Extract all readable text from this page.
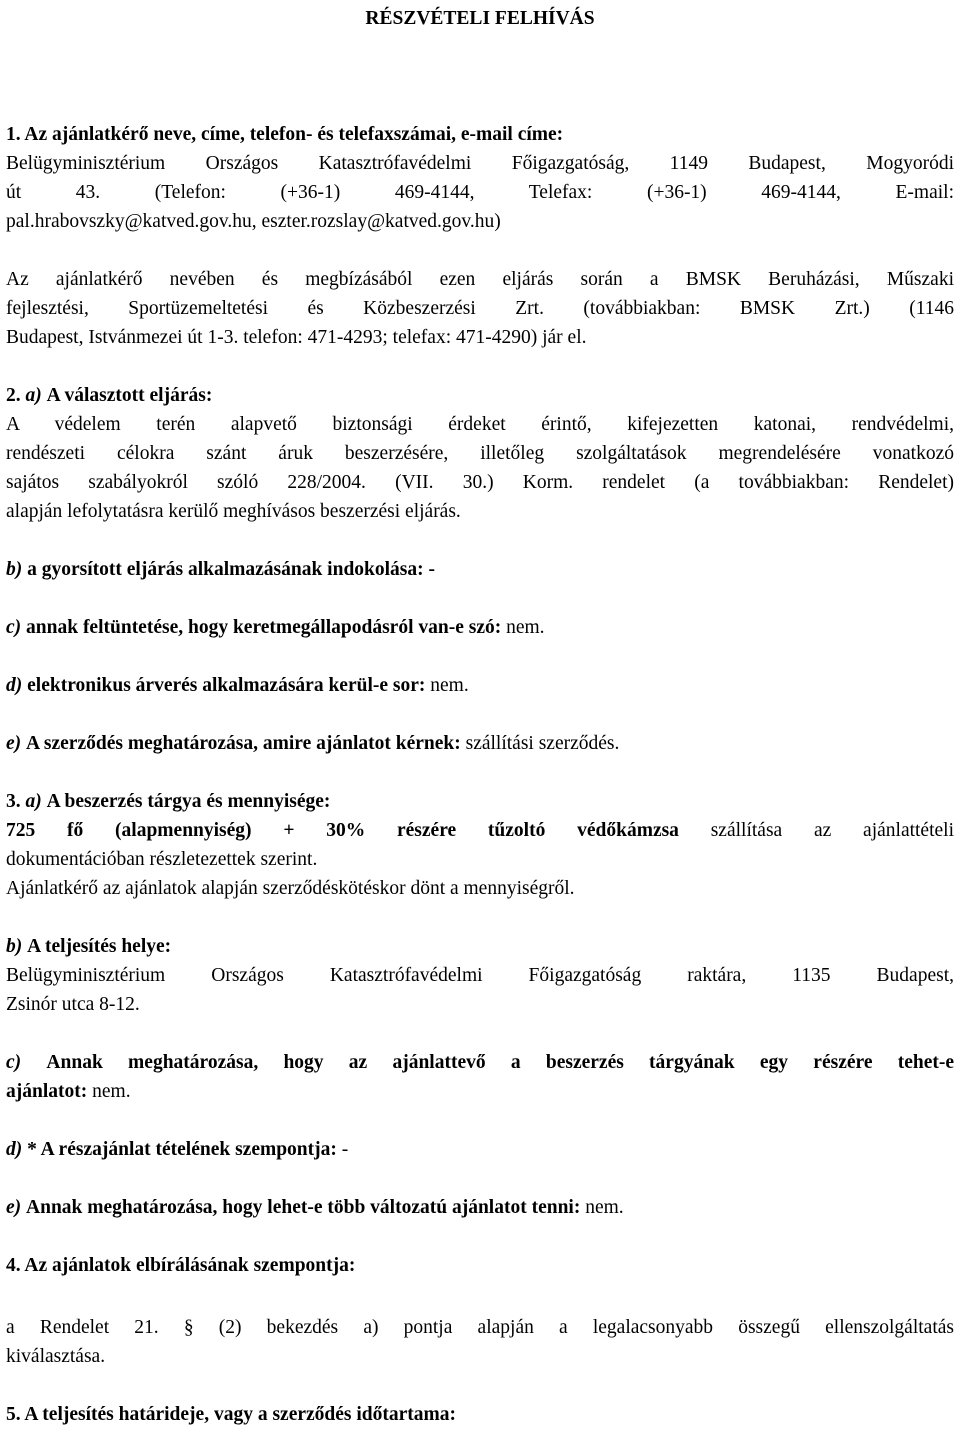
RÉSZVÉTELI FELHÍVÁS
1. Az ajánlatkérő neve, címe, telefon- és telefaxszámai, e-mail címe:
Belügyminisztérium Országos Katasztrófavédelmi Főigazgatóság, 1149 Budapest, Mogyoródi
út 43. (Telefon: (+36-1) 469-4144, Telefax: (+36-1) 469-4144, E-mail:
pal.hrabovszky@katved.gov.hu, eszter.rozslay@katved.gov.hu)
Az ajánlatkérő nevében és megbízásából ezen eljárás során a BMSK Beruházási, Műszaki
fejlesztési, Sportüzemeltetési és Közbeszerzési Zrt. (továbbiakban: BMSK Zrt.) (1146
Budapest, Istvánmezei út 1-3. telefon: 471-4293; telefax: 471-4290) jár el.
2. a) A választott eljárás:
A védelem terén alapvető biztonsági érdeket érintő, kifejezetten katonai, rendvédelmi,
rendészeti célokra szánt áruk beszerzésére, illetőleg szolgáltatások megrendelésére vonatkozó
sajátos szabályokról szóló 228/2004. (VII. 30.) Korm. rendelet (a továbbiakban: Rendelet)
alapján lefolytatásra kerülő meghívásos beszerzési eljárás.
b) a gyorsított eljárás alkalmazásának indokolása: -
c) annak feltüntetése, hogy keretmegállapodásról van-e szó: nem.
d) elektronikus árverés alkalmazására kerül-e sor: nem.
e) A szerződés meghatározása, amire ajánlatot kérnek: szállítási szerződés.
3. a) A beszerzés tárgya és mennyisége:
725 fő (alapmennyiség) + 30% részére tűzoltó védőkámzsa szállítása az ajánlattételi
dokumentációban részletezettek szerint.
Ajánlatkérő az ajánlatok alapján szerződéskötéskor dönt a mennyiségről.
b) A teljesítés helye:
Belügyminisztérium Országos Katasztrófavédelmi Főigazgatóság raktára, 1135 Budapest,
Zsinór utca 8-12.
c) Annak meghatározása, hogy az ajánlattevő a beszerzés tárgyának egy részére tehet-e
ajánlatot: nem.
d) * A részajánlat tételének szempontja: -
e) Annak meghatározása, hogy lehet-e több változatú ajánlatot tenni: nem.
4. Az ajánlatok elbírálásának szempontja:
a Rendelet 21. § (2) bekezdés a) pontja alapján a legalacsonyabb összegű ellenszolgáltatás
kiválasztása.
5. A teljesítés határideje, vagy a szerződés időtartama:
